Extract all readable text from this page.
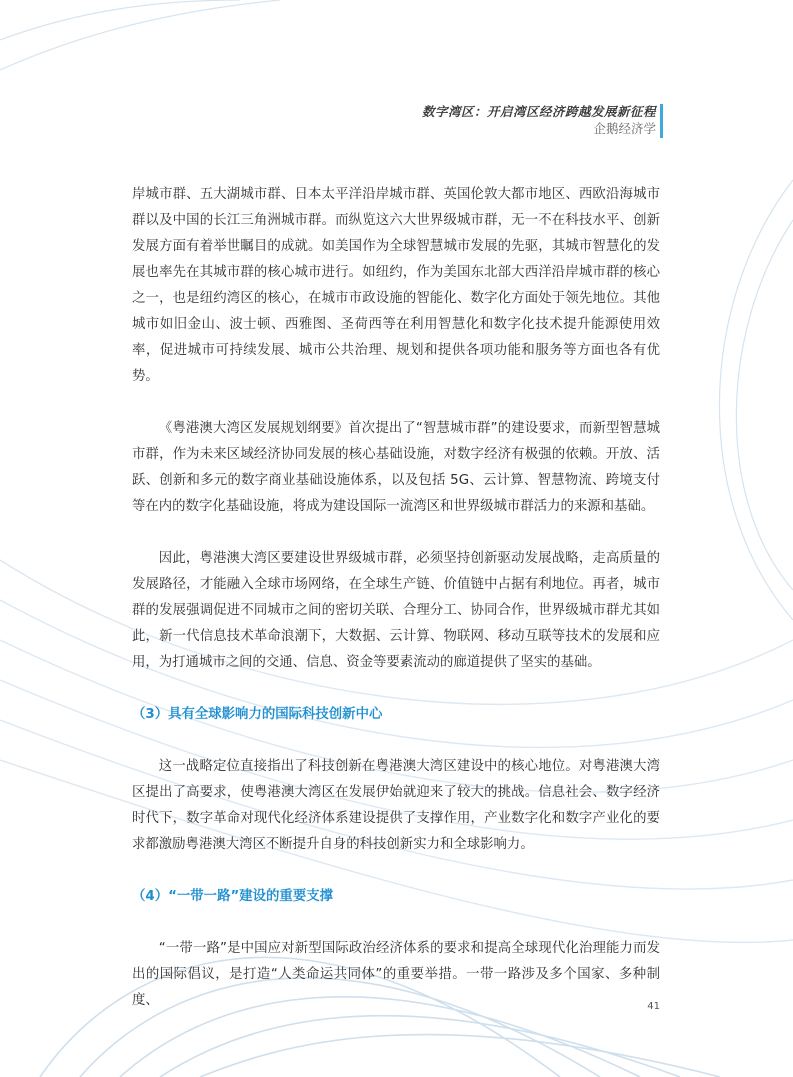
数字湾区：开启湾区经济跨越发展新征程
企鹅经济学

岸城市群、五大湖城市群、日本太平洋沿岸城市群、英国伦敦大都市地区、西欧沿海城市群以及中国的长江三角洲城市群。而纵览这六大世界级城市群，无一不在科技水平、创新发展方面有着举世瞩目的成就。如美国作为全球智慧城市发展的先驱，其城市智慧化的发展也率先在其城市群的核心城市进行。如纽约，作为美国东北部大西洋沿岸城市群的核心之一，也是纽约湾区的核心，在城市市政设施的智能化、数字化方面处于领先地位。其他城市如旧金山、波士顿、西雅图、圣荷西等在利用智慧化和数字化技术提升能源使用效率，促进城市可持续发展、城市公共治理、规划和提供各项功能和服务等方面也各有优势。

《粤港澳大湾区发展规划纲要》首次提出了“智慧城市群”的建设要求，而新型智慧城市群，作为未来区域经济协同发展的核心基础设施，对数字经济有极强的依赖。开放、活跃、创新和多元的数字商业基础设施体系，以及包括 5G、云计算、智慧物流、跨境支付等在内的数字化基础设施，将成为建设国际一流湾区和世界级城市群活力的来源和基础。

因此，粤港澳大湾区要建设世界级城市群，必须坚持创新驱动发展战略，走高质量的发展路径，才能融入全球市场网络，在全球生产链、价值链中占据有利地位。再者，城市群的发展强调促进不同城市之间的密切关联、合理分工、协同合作，世界级城市群尤其如此，新一代信息技术革命浪潮下，大数据、云计算、物联网、移动互联等技术的发展和应用，为打通城市之间的交通、信息、资金等要素流动的廊道提供了坚实的基础。

（3）具有全球影响力的国际科技创新中心

这一战略定位直接指出了科技创新在粤港澳大湾区建设中的核心地位。对粤港澳大湾区提出了高要求，使粤港澳大湾区在发展伊始就迎来了较大的挑战。信息社会、数字经济时代下，数字革命对现代化经济体系建设提供了支撑作用，产业数字化和数字产业化的要求都激励粤港澳大湾区不断提升自身的科技创新实力和全球影响力。

（4）“一带一路”建设的重要支撑

“一带一路”是中国应对新型国际政治经济体系的要求和提高全球现代化治理能力而发出的国际倡议，是打造“人类命运共同体”的重要举措。一带一路涉及多个国家、多种制度、	41
